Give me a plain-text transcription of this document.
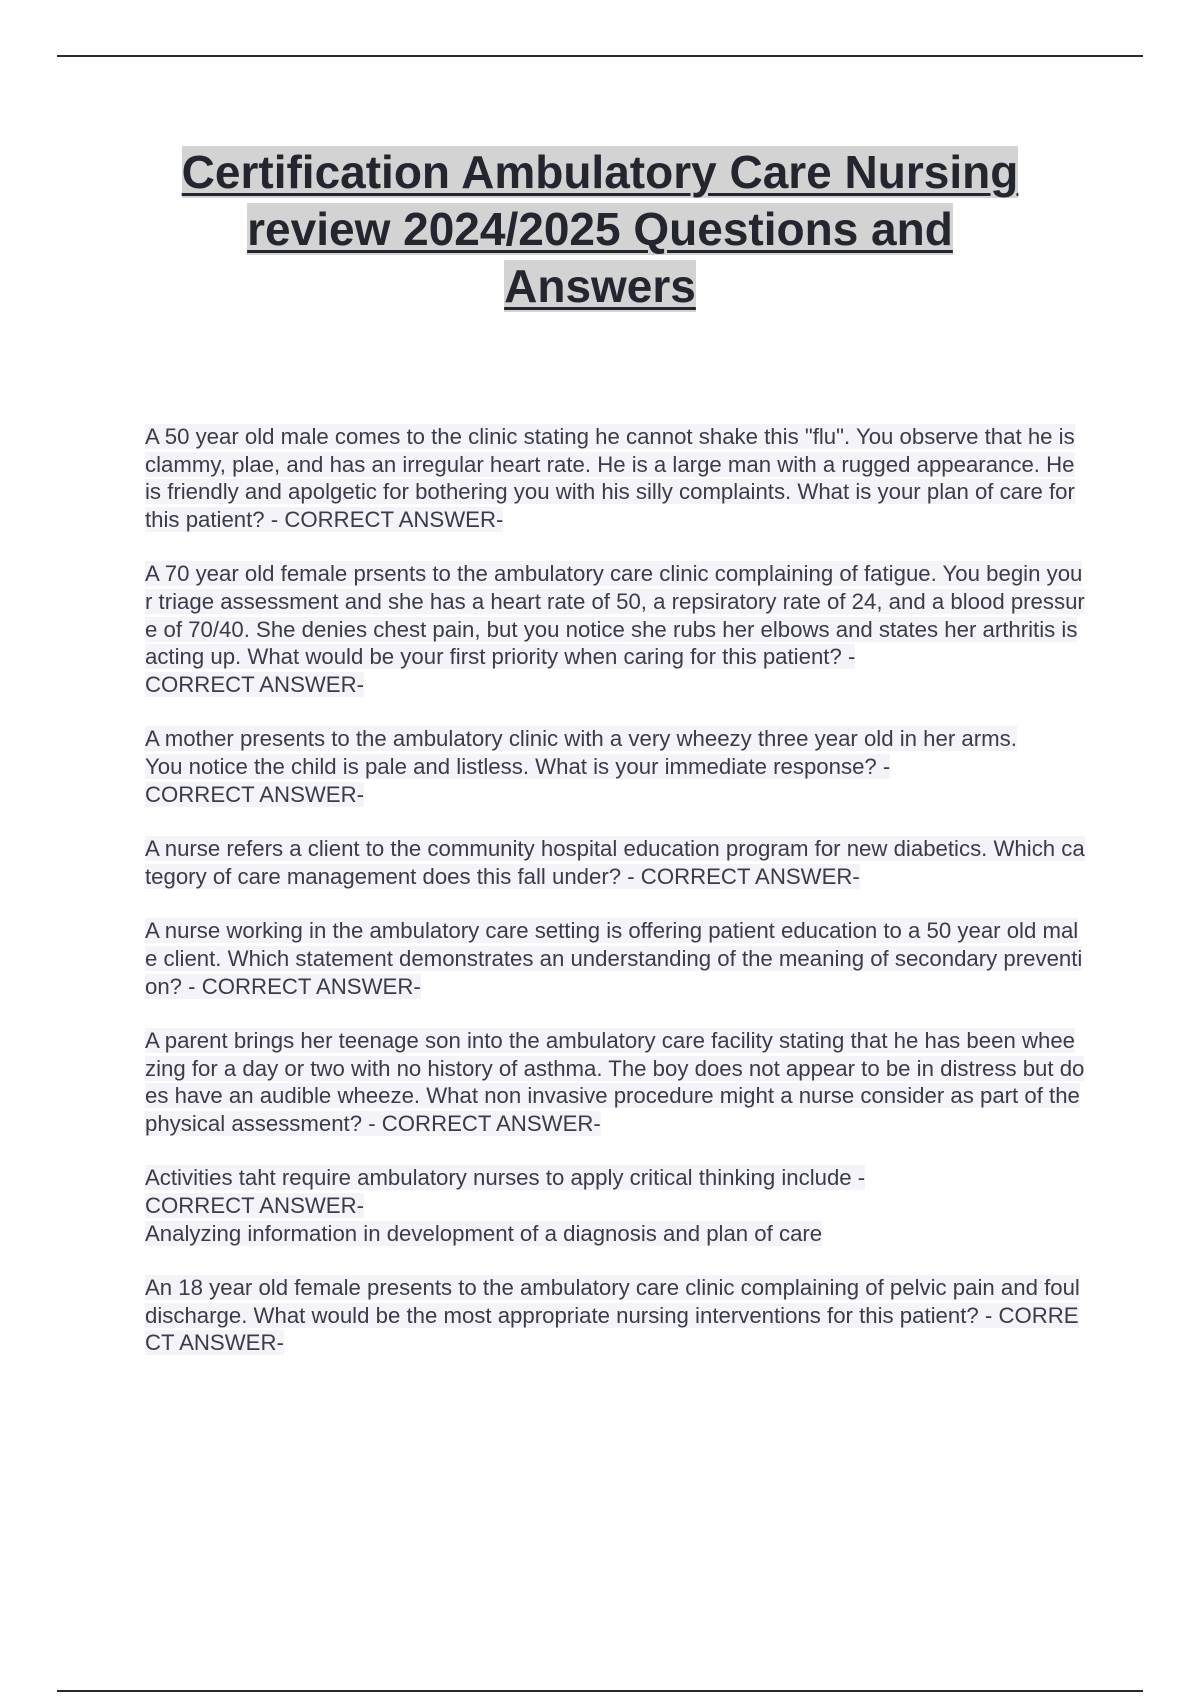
Certification Ambulatory Care Nursing
review 2024/2025 Questions and
Answers

A 50 year old male comes to the clinic stating he cannot shake this "flu". You observe that he is clammy, plae, and has an irregular heart rate. He is a large man with a rugged appearance. He is friendly and apolgetic for bothering you with his silly complaints. What is your plan of care for this patient? - CORRECT ANSWER-

A 70 year old female prsents to the ambulatory care clinic complaining of fatigue. You begin your triage assessment and she has a heart rate of 50, a repsiratory rate of 24, and a blood pressure of 70/40. She denies chest pain, but you notice she rubs her elbows and states her arthritis is acting up. What would be your first priority when caring for this patient? -
CORRECT ANSWER-

A mother presents to the ambulatory clinic with a very wheezy three year old in her arms.
You notice the child is pale and listless. What is your immediate response? -
CORRECT ANSWER-

A nurse refers a client to the community hospital education program for new diabetics. Which category of care management does this fall under? - CORRECT ANSWER-

A nurse working in the ambulatory care setting is offering patient education to a 50 year old male client. Which statement demonstrates an understanding of the meaning of secondary prevention? - CORRECT ANSWER-

A parent brings her teenage son into the ambulatory care facility stating that he has been wheezing for a day or two with no history of asthma. The boy does not appear to be in distress but does have an audible wheeze. What non invasive procedure might a nurse consider as part of the physical assessment? - CORRECT ANSWER-

Activities taht require ambulatory nurses to apply critical thinking include -
CORRECT ANSWER-
Analyzing information in development of a diagnosis and plan of care

An 18 year old female presents to the ambulatory care clinic complaining of pelvic pain and foul discharge. What would be the most appropriate nursing interventions for this patient? - CORRECT ANSWER-
